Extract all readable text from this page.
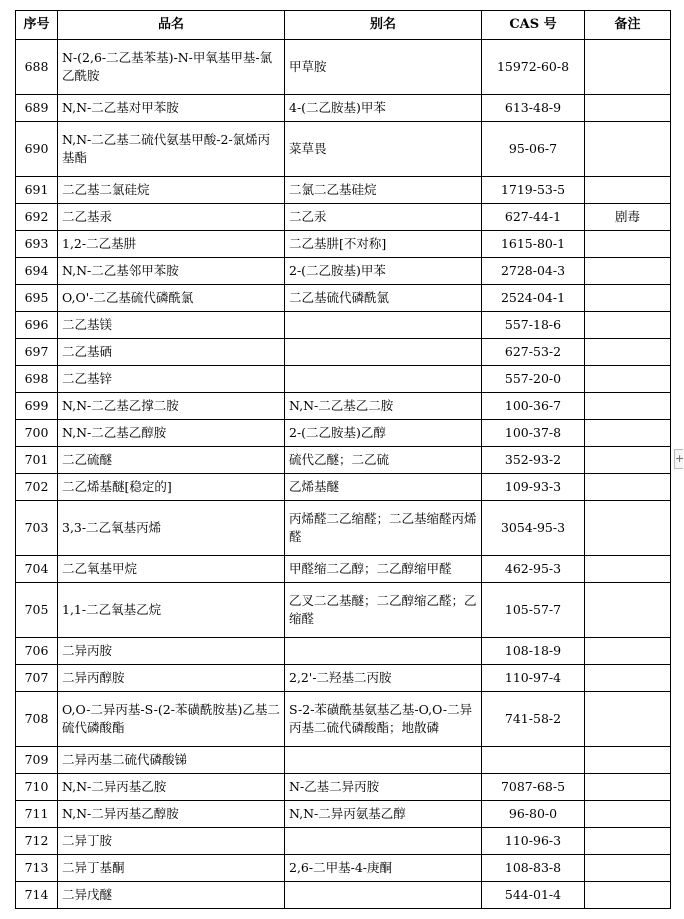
序号	品名	别名	CAS 号	备注
688	N-(2,6-二乙基苯基)-N-甲氧基甲基-氯乙酰胺	甲草胺	15972-60-8	
689	N,N-二乙基对甲苯胺	4-(二乙胺基)甲苯	613-48-9	
690	N,N-二乙基二硫代氨基甲酸-2-氯烯丙基酯	菜草畏	95-06-7	
691	二乙基二氯硅烷	二氯二乙基硅烷	1719-53-5	
692	二乙基汞	二乙汞	627-44-1	剧毒
693	1,2-二乙基肼	二乙基肼[不对称]	1615-80-1	
694	N,N-二乙基邻甲苯胺	2-(二乙胺基)甲苯	2728-04-3	
695	O,O'-二乙基硫代磷酰氯	二乙基硫代磷酰氯	2524-04-1	
696	二乙基镁		557-18-6	
697	二乙基硒		627-53-2	
698	二乙基锌		557-20-0	
699	N,N-二乙基乙撑二胺	N,N-二乙基乙二胺	100-36-7	
700	N,N-二乙基乙醇胺	2-(二乙胺基)乙醇	100-37-8	
701	二乙硫醚	硫代乙醚；二乙硫	352-93-2	
702	二乙烯基醚[稳定的]	乙烯基醚	109-93-3	
703	3,3-二乙氧基丙烯	丙烯醛二乙缩醛；二乙基缩醛丙烯醛	3054-95-3	
704	二乙氧基甲烷	甲醛缩二乙醇；二乙醇缩甲醛	462-95-3	
705	1,1-二乙氧基乙烷	乙叉二乙基醚；二乙醇缩乙醛；乙缩醛	105-57-7	
706	二异丙胺		108-18-9	
707	二异丙醇胺	2,2'-二羟基二丙胺	110-97-4	
708	O,O-二异丙基-S-(2-苯磺酰胺基)乙基二硫代磷酸酯	S-2-苯磺酰基氨基乙基-O,O-二异丙基二硫代磷酸酯；地散磷	741-58-2	
709	二异丙基二硫代磷酸锑			
710	N,N-二异丙基乙胺	N-乙基二异丙胺	7087-68-5	
711	N,N-二异丙基乙醇胺	N,N-二异丙氨基乙醇	96-80-0	
712	二异丁胺		110-96-3	
713	二异丁基酮	2,6-二甲基-4-庚酮	108-83-8	
714	二异戊醚		544-01-4	
+
